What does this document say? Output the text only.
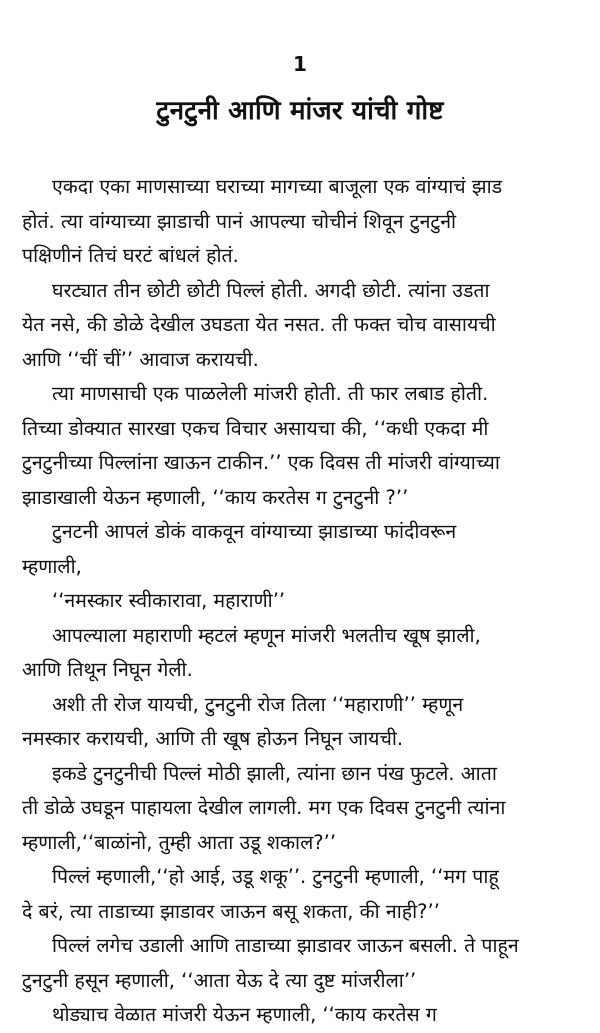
1
टुनटुनी आणि मांजर यांची गोष्ट
एकदा एका माणसाच्या घराच्या मागच्या बाजूला एक वांग्याचं झाड
होतं. त्या वांग्याच्या झाडाची पानं आपल्या चोचीनं शिवून टुनटुनी
पक्षिणीनं तिचं घरटं बांधलं होतं.
घरट्यात तीन छोटी छोटी पिल्लं होती. अगदी छोटी. त्यांना उडता
येत नसे, की डोळे देखील उघडता येत नसत. ती फक्त चोच वासायची
आणि ‘‘चीं चीं’’ आवाज करायची.
त्या माणसाची एक पाळलेली मांजरी होती. ती फार लबाड होती.
तिच्या डोक्यात सारखा एकच विचार असायचा की, ‘‘कधी एकदा मी
टुनटुनीच्या पिल्लांना खाऊन टाकीन.’’ एक दिवस ती मांजरी वांग्याच्या
झाडाखाली येऊन म्हणाली, ‘‘काय करतेस ग टुनटुनी ?’’
टुनटनी आपलं डोकं वाकवून वांग्याच्या झाडाच्या फांदीवरून
म्हणाली,
‘‘नमस्कार स्वीकारावा, महाराणी’’
आपल्याला महाराणी म्हटलं म्हणून मांजरी भलतीच खूष झाली,
आणि तिथून निघून गेली.
अशी ती रोज यायची, टुनटुनी रोज तिला ‘‘महाराणी’’ म्हणून
नमस्कार करायची, आणि ती खूष होऊन निघून जायची.
इकडे टुनटुनीची पिल्लं मोठी झाली, त्यांना छान पंख फुटले. आता
ती डोळे उघडून पाहायला देखील लागली. मग एक दिवस टुनटुनी त्यांना
म्हणाली,‘‘बाळांनो, तुम्ही आता उडू शकाल?’’
पिल्लं म्हणाली,‘‘हो आई, उडू शकू’’. टुनटुनी म्हणाली, ‘‘मग पाहू
दे बरं, त्या ताडाच्या झाडावर जाऊन बसू शकता, की नाही?’’
पिल्लं लगेच उडाली आणि ताडाच्या झाडावर जाऊन बसली. ते पाहून
टुनटुनी हसून म्हणाली, ‘‘आता येऊ दे त्या दुष्ट मांजरीला’’
थोड्याच वेळात मांजरी येऊन म्हणाली, ‘‘काय करतेस ग
